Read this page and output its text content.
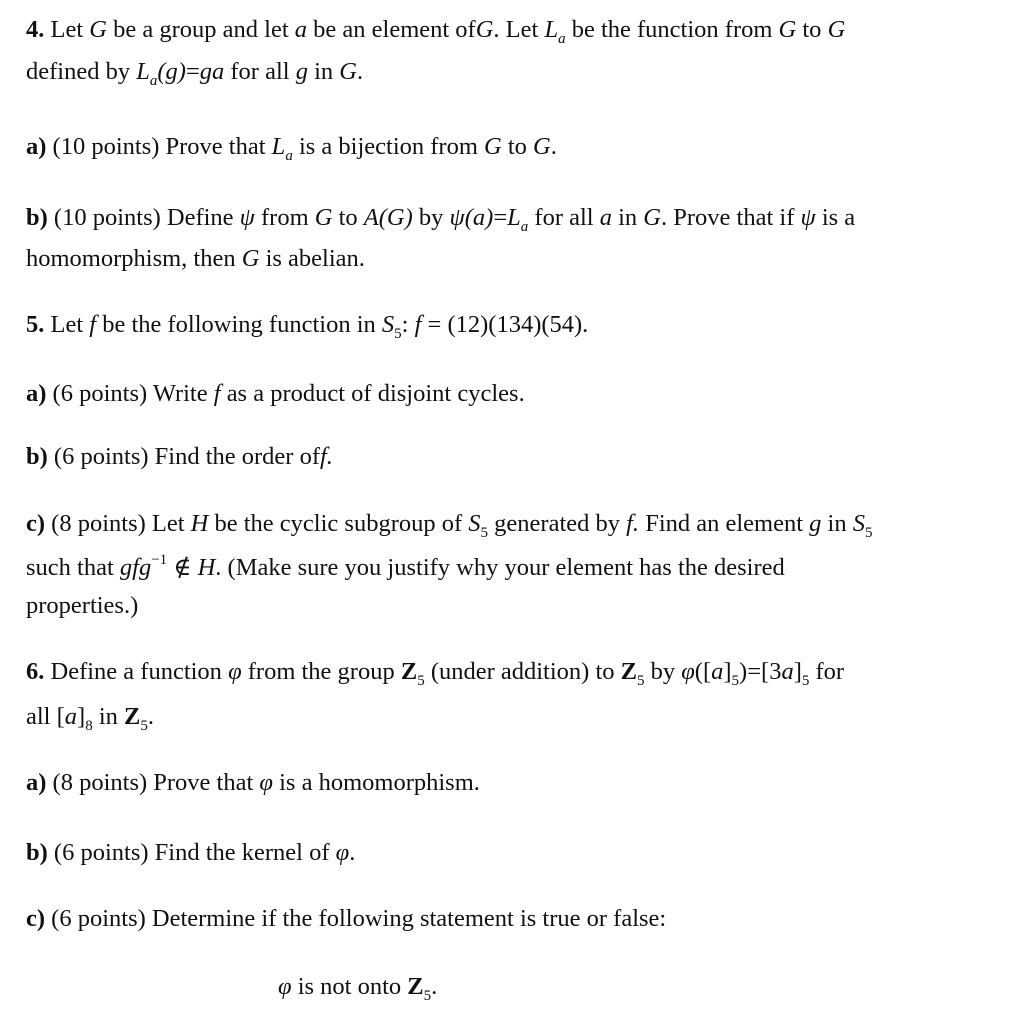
4. Let G be a group and let a be an element ofG. Let $L_a$ be the function from G to G
defined by $L_a(g)=ga$ for all g in G.
a) (10 points) Prove that $L_a$ is a bijection from G to G.
b) (10 points) Define ψ from G to A(G) by $\psi(a)=L_a$ for all a in G. Prove that if ψ is a
homomorphism, then G is abelian.
5. Let f be the following function in $S_5$: f = (12)(134)(54).
a) (6 points) Write f as a product of disjoint cycles.
b) (6 points) Find the order off.
c) (8 points) Let H be the cyclic subgroup of $S_5$ generated by f. Find an element g in $S_5$
such that gfg$^{-1}$ ∉ H. (Make sure you justify why your element has the desired
properties.)
6. Define a function φ from the group $Z_5$ (under addition) to $Z_5$ by $\varphi([a]_5)=[3a]_5$ for
all $[a]_8$ in $Z_5$.
a) (8 points) Prove that φ is a homomorphism.
b) (6 points) Find the kernel of φ.
c) (6 points) Determine if the following statement is true or false:
φ is not onto $Z_5$.
